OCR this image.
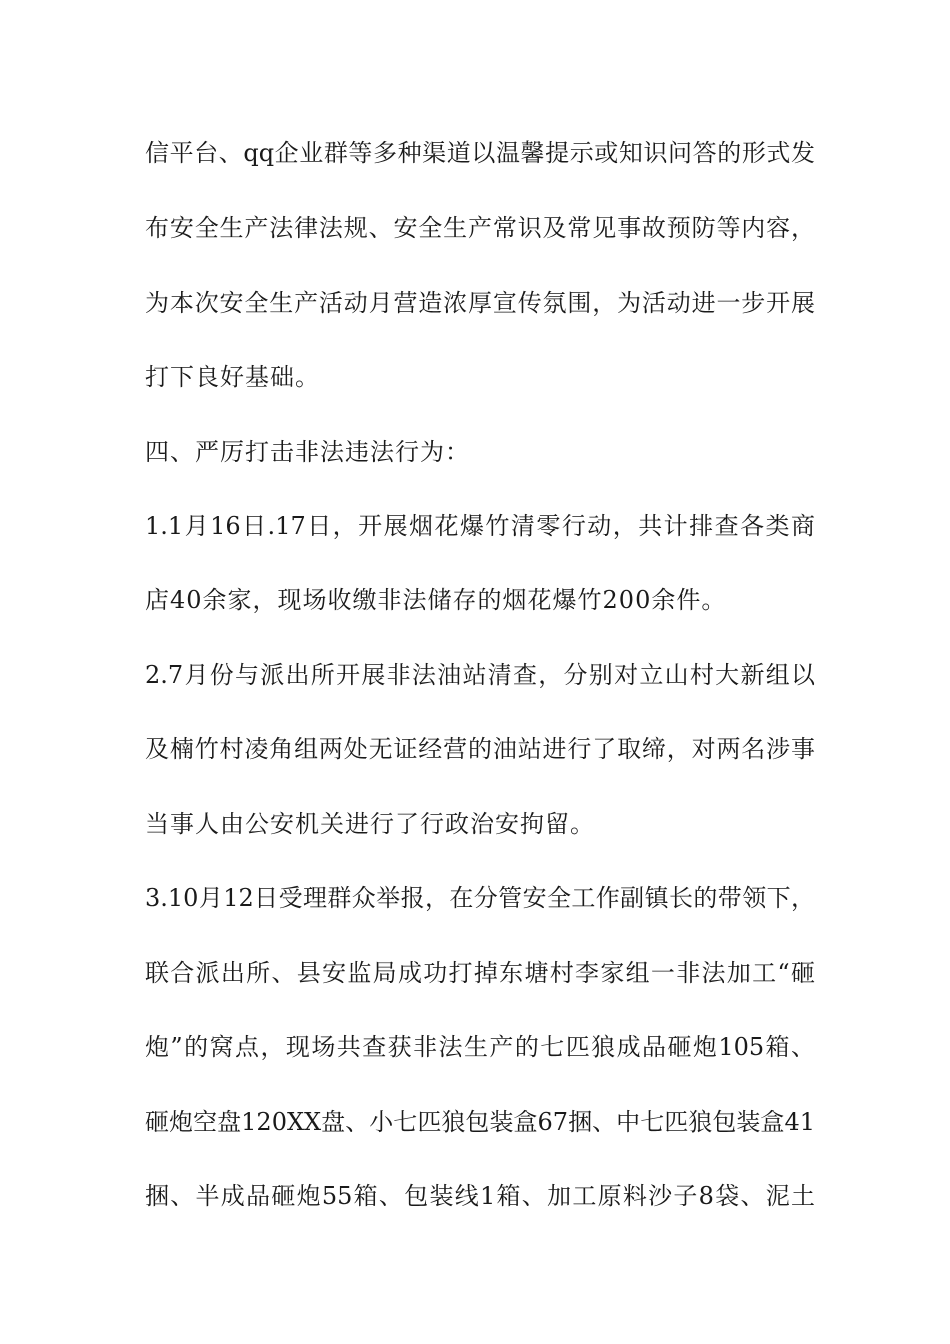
信平台、qq企业群等多种渠道以温馨提示或知识问答的形式发
布安全生产法律法规、安全生产常识及常见事故预防等内容，
为本次安全生产活动月营造浓厚宣传氛围，为活动进一步开展
打下良好基础。
四、严厉打击非法违法行为：
1.1月16日.17日，开展烟花爆竹清零行动，共计排查各类商
店40余家，现场收缴非法储存的烟花爆竹200余件。
2.7月份与派出所开展非法油站清查，分别对立山村大新组以
及楠竹村凌角组两处无证经营的油站进行了取缔，对两名涉事
当事人由公安机关进行了行政治安拘留。
3.10月12日受理群众举报，在分管安全工作副镇长的带领下，
联合派出所、县安监局成功打掉东塘村李家组一非法加工“砸
炮”的窝点，现场共查获非法生产的七匹狼成品砸炮105箱、
砸炮空盘120XX盘、小七匹狼包装盒67捆、中七匹狼包装盒41
捆、半成品砸炮55箱、包装线1箱、加工原料沙子8袋、泥土
